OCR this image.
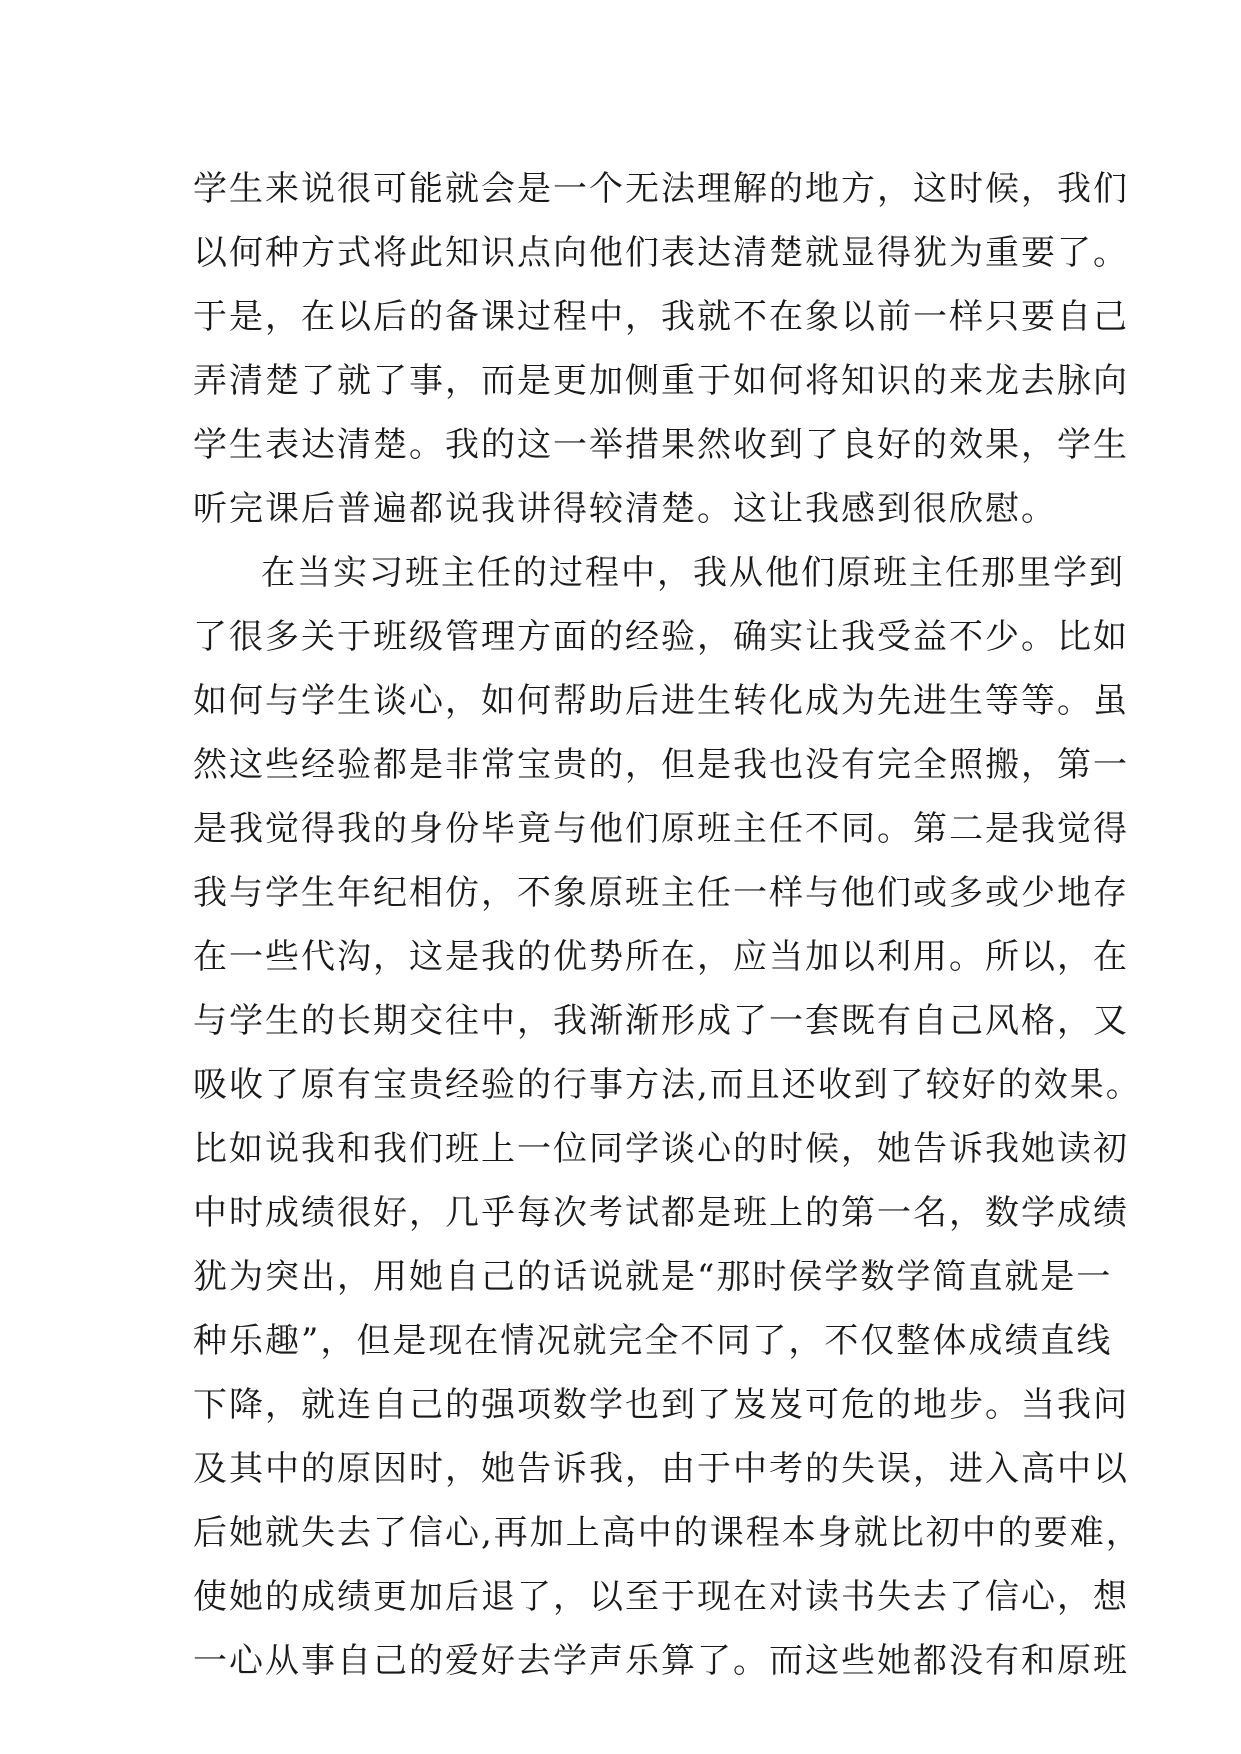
学生来说很可能就会是一个无法理解的地方，这时候，我们
以何种方式将此知识点向他们表达清楚就显得犹为重要了。
于是，在以后的备课过程中，我就不在象以前一样只要自己
弄清楚了就了事，而是更加侧重于如何将知识的来龙去脉向
学生表达清楚。我的这一举措果然收到了良好的效果，学生
听完课后普遍都说我讲得较清楚。这让我感到很欣慰。
在当实习班主任的过程中，我从他们原班主任那里学到
了很多关于班级管理方面的经验，确实让我受益不少。比如
如何与学生谈心，如何帮助后进生转化成为先进生等等。虽
然这些经验都是非常宝贵的，但是我也没有完全照搬，第一
是我觉得我的身份毕竟与他们原班主任不同。第二是我觉得
我与学生年纪相仿，不象原班主任一样与他们或多或少地存
在一些代沟，这是我的优势所在，应当加以利用。所以，在
与学生的长期交往中，我渐渐形成了一套既有自己风格，又
吸收了原有宝贵经验的行事方法,而且还收到了较好的效果。
比如说我和我们班上一位同学谈心的时候，她告诉我她读初
中时成绩很好，几乎每次考试都是班上的第一名，数学成绩
犹为突出，用她自己的话说就是“那时侯学数学简直就是一
种乐趣”，但是现在情况就完全不同了，不仅整体成绩直线
下降，就连自己的强项数学也到了岌岌可危的地步。当我问
及其中的原因时，她告诉我，由于中考的失误，进入高中以
后她就失去了信心,再加上高中的课程本身就比初中的要难，
使她的成绩更加后退了，以至于现在对读书失去了信心，想
一心从事自己的爱好去学声乐算了。而这些她都没有和原班
